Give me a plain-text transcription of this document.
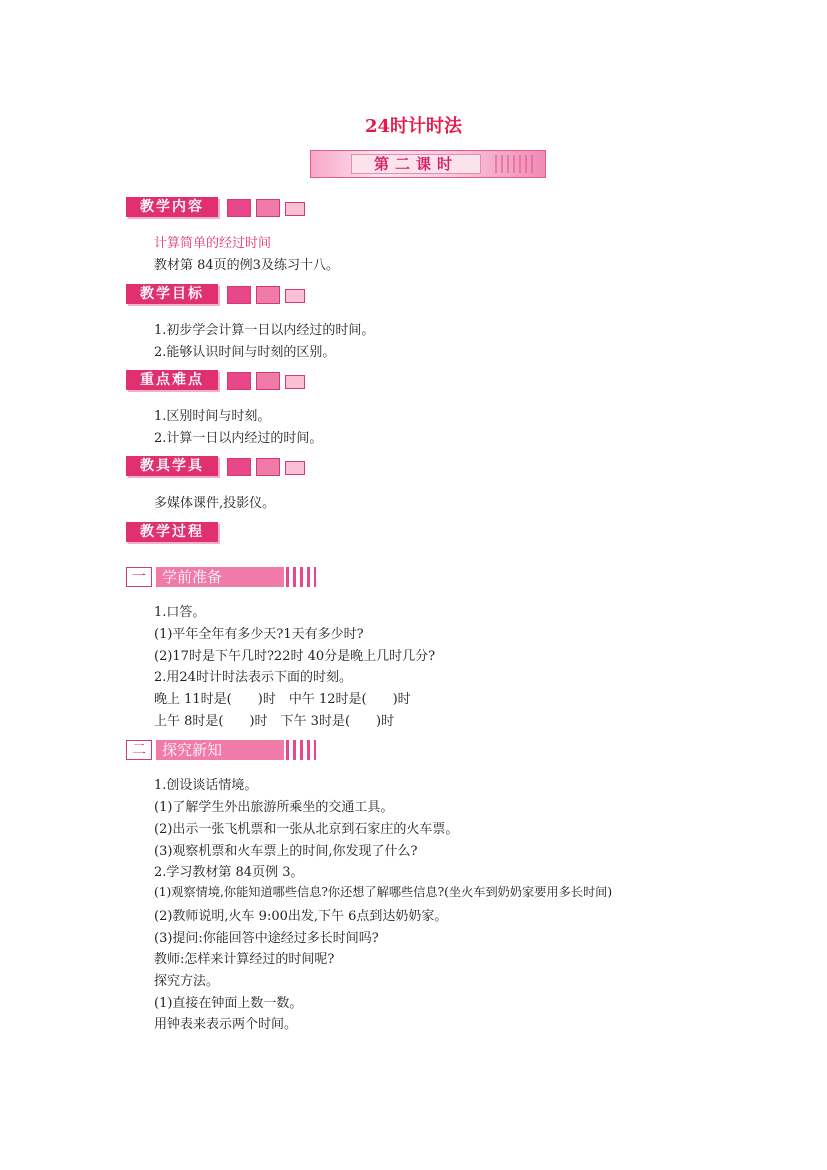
24时计时法
第二课时
教学内容
计算简单的经过时间
教材第 84页的例3及练习十八。
教学目标
1.初步学会计算一日以内经过的时间。
2.能够认识时间与时刻的区别。
重点难点
1.区别时间与时刻。
2.计算一日以内经过的时间。
教具学具
多媒体课件,投影仪。
教学过程
一	学前准备
1.口答。
(1)平年全年有多少天?1天有多少时?
(2)17时是下午几时?22时 40分是晚上几时几分?
2.用24时计时法表示下面的时刻。
晚上 11时是(　　)时　中午 12时是(　　)时
上午 8时是(　　)时　下午 3时是(　　)时
二	探究新知
1.创设谈话情境。
(1)了解学生外出旅游所乘坐的交通工具。
(2)出示一张飞机票和一张从北京到石家庄的火车票。
(3)观察机票和火车票上的时间,你发现了什么?
2.学习教材第 84页例 3。
(1)观察情境,你能知道哪些信息?你还想了解哪些信息?(坐火车到奶奶家要用多长时间)
(2)教师说明,火车 9:00出发,下午 6点到达奶奶家。
(3)提问:你能回答中途经过多长时间吗?
教师:怎样来计算经过的时间呢?
探究方法。
(1)直接在钟面上数一数。
用钟表来表示两个时间。
